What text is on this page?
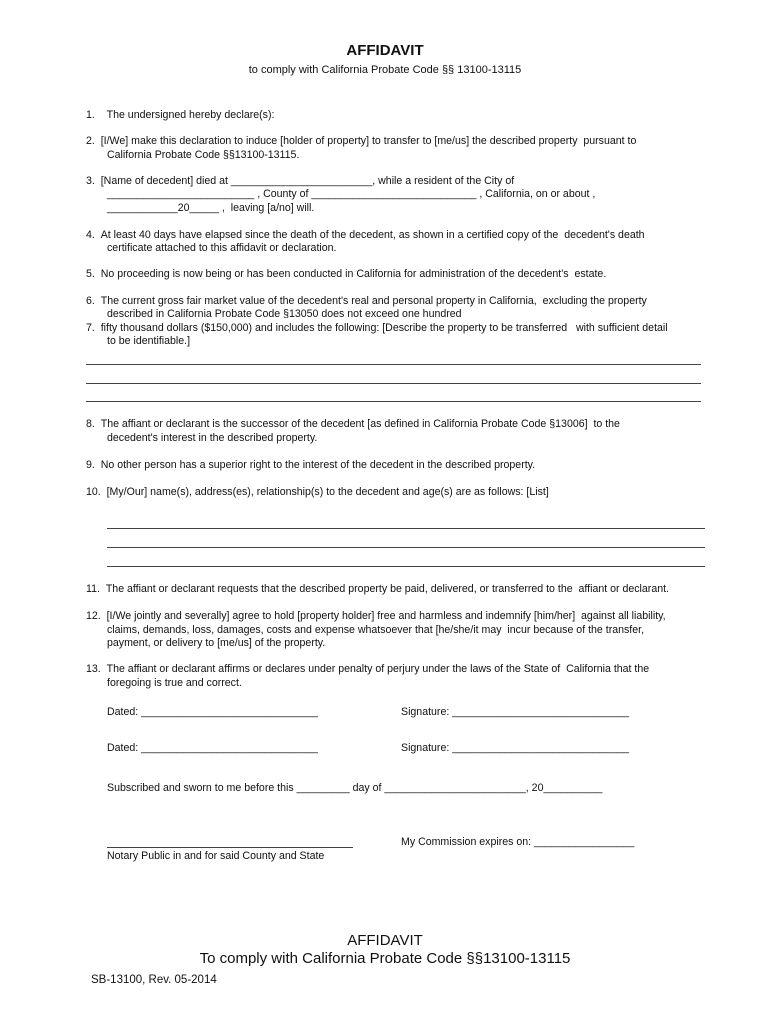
AFFIDAVIT
to comply with California Probate Code §§ 13100-13115
1.    The undersigned hereby declare(s):
2.  [I/We] make this declaration to induce [holder of property] to transfer to [me/us] the described property  pursuant to
California Probate Code §§13100-13115.
3.  [Name of decedent] died at ________________________, while a resident of the City of
_________________________ , County of ____________________________ , California, on or about ,
____________20_____ ,  leaving [a/no] will.
4.  At least 40 days have elapsed since the death of the decedent, as shown in a certified copy of the  decedent's death
certificate attached to this affidavit or declaration.
5.  No proceeding is now being or has been conducted in California for administration of the decedent's  estate.
6.  The current gross fair market value of the decedent's real and personal property in California,  excluding the property
described in California Probate Code §13050 does not exceed one hundred
7.  fifty thousand dollars ($150,000) and includes the following: [Describe the property to be transferred   with sufficient detail
to be identifiable.]
8.  The affiant or declarant is the successor of the decedent [as defined in California Probate Code §13006]  to the
decedent's interest in the described property.
9.  No other person has a superior right to the interest of the decedent in the described property.
10.  [My/Our] name(s), address(es), relationship(s) to the decedent and age(s) are as follows: [List]
11.  The affiant or declarant requests that the described property be paid, delivered, or transferred to the  affiant or declarant.
12.  [I/We jointly and severally] agree to hold [property holder] free and harmless and indemnify [him/her]  against all liability,
claims, demands, loss, damages, costs and expense whatsoever that [he/she/it may  incur because of the transfer,
payment, or delivery to [me/us] of the property.
13.  The affiant or declarant affirms or declares under penalty of perjury under the laws of the State of  California that the
foregoing is true and correct.
Dated: ______________________________	Signature: ______________________________
Dated: ______________________________	Signature: ______________________________
Subscribed and sworn to me before this _________ day of ________________________, 20__________
My Commission expires on: _________________
Notary Public in and for said County and State
AFFIDAVIT
To comply with California Probate Code §§13100-13115
SB-13100, Rev. 05-2014
